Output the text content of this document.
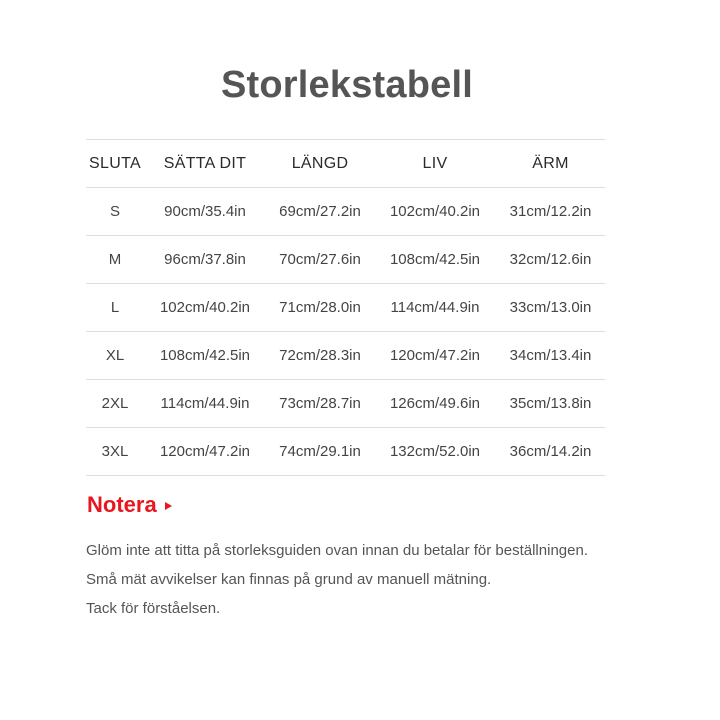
Storlekstabell
SLUTA	SÄTTA DIT	LÄNGD	LIV	ÄRM
S	90cm/35.4in	69cm/27.2in	102cm/40.2in	31cm/12.2in
M	96cm/37.8in	70cm/27.6in	108cm/42.5in	32cm/12.6in
L	102cm/40.2in	71cm/28.0in	114cm/44.9in	33cm/13.0in
XL	108cm/42.5in	72cm/28.3in	120cm/47.2in	34cm/13.4in
2XL	114cm/44.9in	73cm/28.7in	126cm/49.6in	35cm/13.8in
3XL	120cm/47.2in	74cm/29.1in	132cm/52.0in	36cm/14.2in
Notera
Glöm inte att titta på storleksguiden ovan innan du betalar för beställningen.
Små mät avvikelser kan finnas på grund av manuell mätning.
Tack för förståelsen.
